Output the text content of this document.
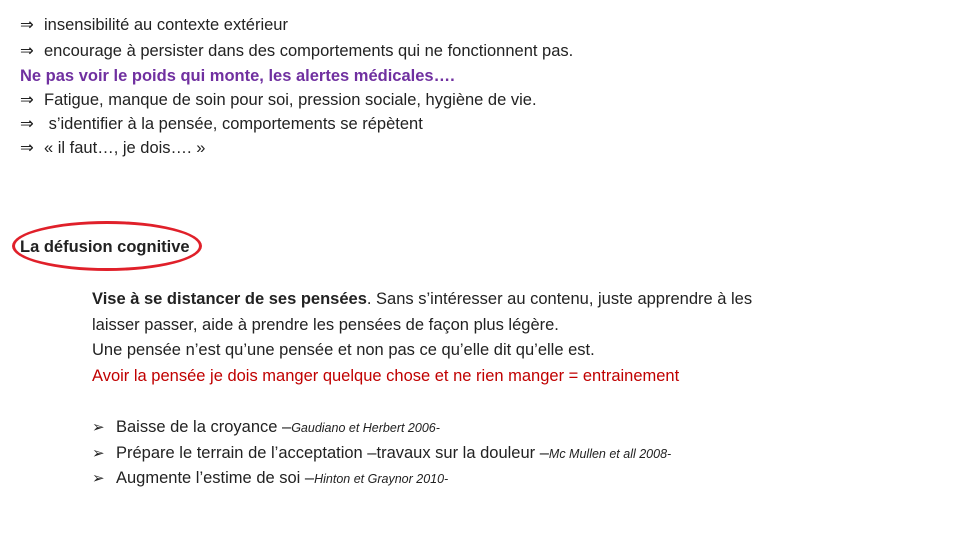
⇒ insensibilité au contexte extérieur
⇒ encourage à persister dans des comportements qui ne fonctionnent pas.
Ne pas voir le poids qui monte, les alertes médicales….
⇒ Fatigue, manque de soin pour soi, pression sociale, hygiène de vie.
⇒ s’identifier à la pensée, comportements se répètent
⇒ « il faut…, je dois…. »
La défusion cognitive
Vise à se distancer de ses pensées. Sans s’intéresser au contenu, juste apprendre à les
laisser passer, aide à prendre les pensées de façon plus légère.
Une pensée n’est qu’une pensée et non pas ce qu’elle dit qu’elle est.
Avoir la pensée je dois manger quelque chose et ne rien manger = entrainement
➢ Baisse de la croyance –Gaudiano et Herbert 2006-
➢ Prépare le terrain de l’acceptation –travaux sur la douleur –Mc Mullen et all 2008-
➢ Augmente l’estime de soi –Hinton et Graynor 2010-
